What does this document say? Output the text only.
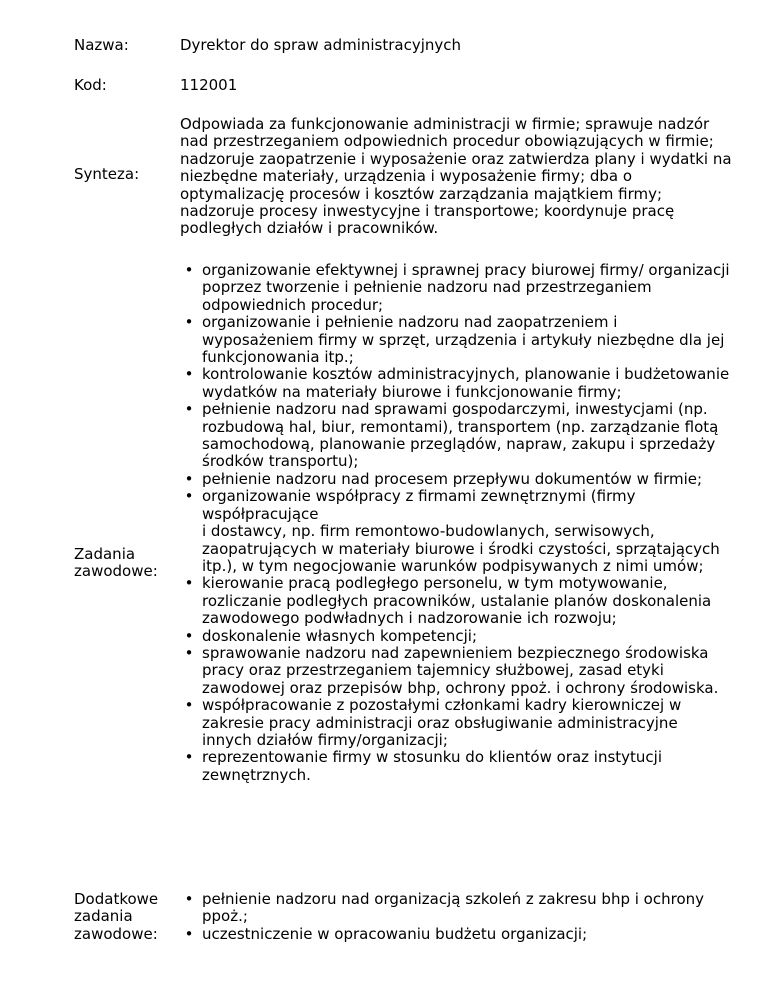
Nazwa:	Dyrektor do spraw administracyjnych
Kod:	112001
Synteza:
Odpowiada za funkcjonowanie administracji w firmie; sprawuje nadzór nad przestrzeganiem odpowiednich procedur obowiązujących w firmie; nadzoruje zaopatrzenie i wyposażenie oraz zatwierdza plany i wydatki na niezbędne materiały, urządzenia i wyposażenie firmy; dba o optymalizację procesów i kosztów zarządzania majątkiem firmy; nadzoruje procesy inwestycyjne i transportowe; koordynuje pracę podległych działów i pracowników.
Zadania
zawodowe:
• organizowanie efektywnej i sprawnej pracy biurowej firmy/ organizacji poprzez tworzenie i pełnienie nadzoru nad przestrzeganiem odpowiednich procedur;
• organizowanie i pełnienie nadzoru nad zaopatrzeniem i wyposażeniem firmy w sprzęt, urządzenia i artykuły niezbędne dla jej funkcjonowania itp.;
• kontrolowanie kosztów administracyjnych, planowanie i budżetowanie wydatków na materiały biurowe i funkcjonowanie firmy;
• pełnienie nadzoru nad sprawami gospodarczymi, inwestycjami (np. rozbudową hal, biur, remontami), transportem (np. zarządzanie flotą samochodową, planowanie przeglądów, napraw, zakupu i sprzedaży środków transportu);
• pełnienie nadzoru nad procesem przepływu dokumentów w firmie;
• organizowanie współpracy z firmami zewnętrznymi (firmy współpracujące
i dostawcy, np. firm remontowo-budowlanych, serwisowych, zaopatrujących w materiały biurowe i środki czystości, sprzątających itp.), w tym negocjowanie warunków podpisywanych z nimi umów;
• kierowanie pracą podległego personelu, w tym motywowanie, rozliczanie podległych pracowników, ustalanie planów doskonalenia zawodowego podwładnych i nadzorowanie ich rozwoju;
• doskonalenie własnych kompetencji;
• sprawowanie nadzoru nad zapewnieniem bezpiecznego środowiska pracy oraz przestrzeganiem tajemnicy służbowej, zasad etyki zawodowej oraz przepisów bhp, ochrony ppoż. i ochrony środowiska.
• współpracowanie z pozostałymi członkami kadry kierowniczej w zakresie pracy administracji oraz obsługiwanie administracyjne innych działów firmy/organizacji;
• reprezentowanie firmy w stosunku do klientów oraz instytucji zewnętrznych.
Dodatkowe
zadania
zawodowe:
• pełnienie nadzoru nad organizacją szkoleń z zakresu bhp i ochrony ppoż.;
• uczestniczenie w opracowaniu budżetu organizacji;
